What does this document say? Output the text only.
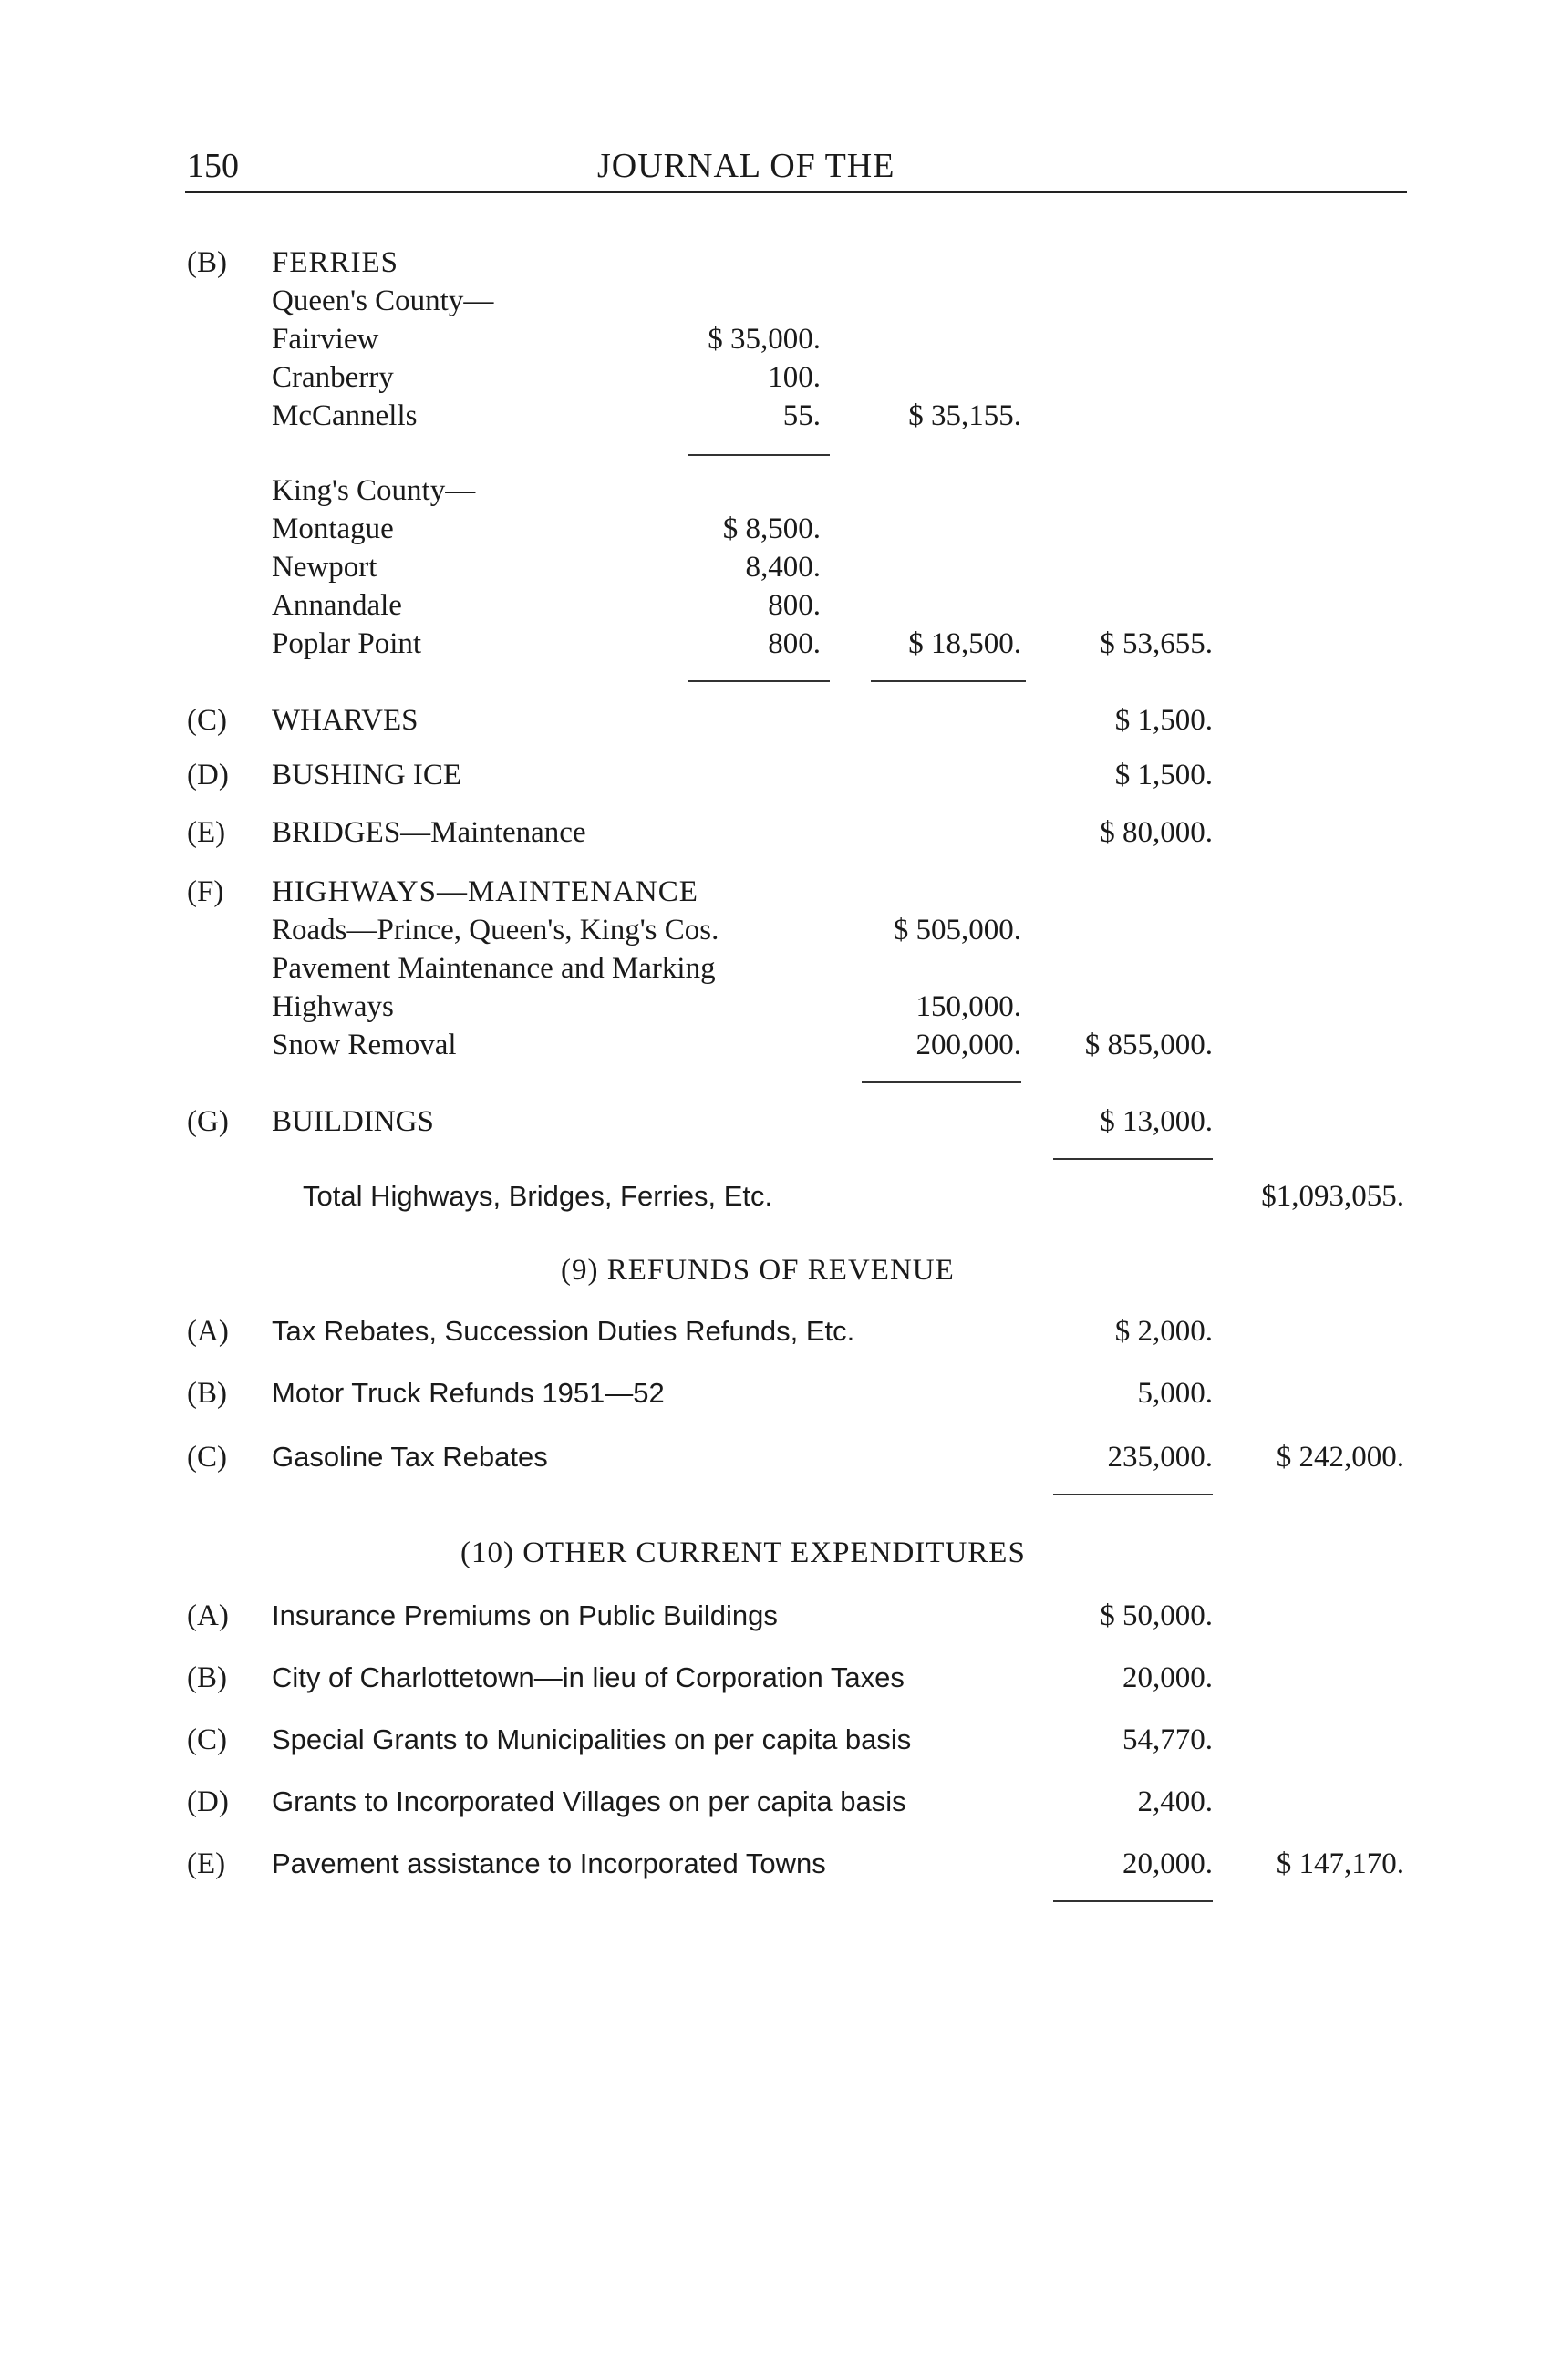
150	JOURNAL OF THE
(B) FERRIES
Queen's County—
Fairview	$ 35,000.
Cranberry	100.
McCannells	55.	$ 35,155.
King's County—
Montague	$ 8,500.
Newport	8,400.
Annandale	800.
Poplar Point	800.	$ 18,500.	$ 53,655.
(C) WHARVES	$ 1,500.
(D) BUSHING ICE	$ 1,500.
(E) BRIDGES—Maintenance	$ 80,000.
(F) HIGHWAYS—MAINTENANCE
Roads—Prince, Queen's, King's Cos.	$ 505,000.
Pavement Maintenance and Marking
Highways	150,000.
Snow Removal	200,000. $ 855,000.
(G) BUILDINGS	$ 13,000.
Total Highways, Bridges, Ferries, Etc.	$1,093,055.
(9) REFUNDS OF REVENUE
(A) Tax Rebates, Succession Duties Refunds, Etc.	$ 2,000.
(B) Motor Truck Refunds 1951—52	5,000.
(C) Gasoline Tax Rebates	235,000. $ 242,000.
(10) OTHER CURRENT EXPENDITURES
(A) Insurance Premiums on Public Buildings	$ 50,000.
(B) City of Charlottetown—in lieu of Corporation Taxes	20,000.
(C) Special Grants to Municipalities on per capita basis	54,770.
(D) Grants to Incorporated Villages on per capita basis	2,400.
(E) Pavement assistance to Incorporated Towns	20,000. $ 147,170.
